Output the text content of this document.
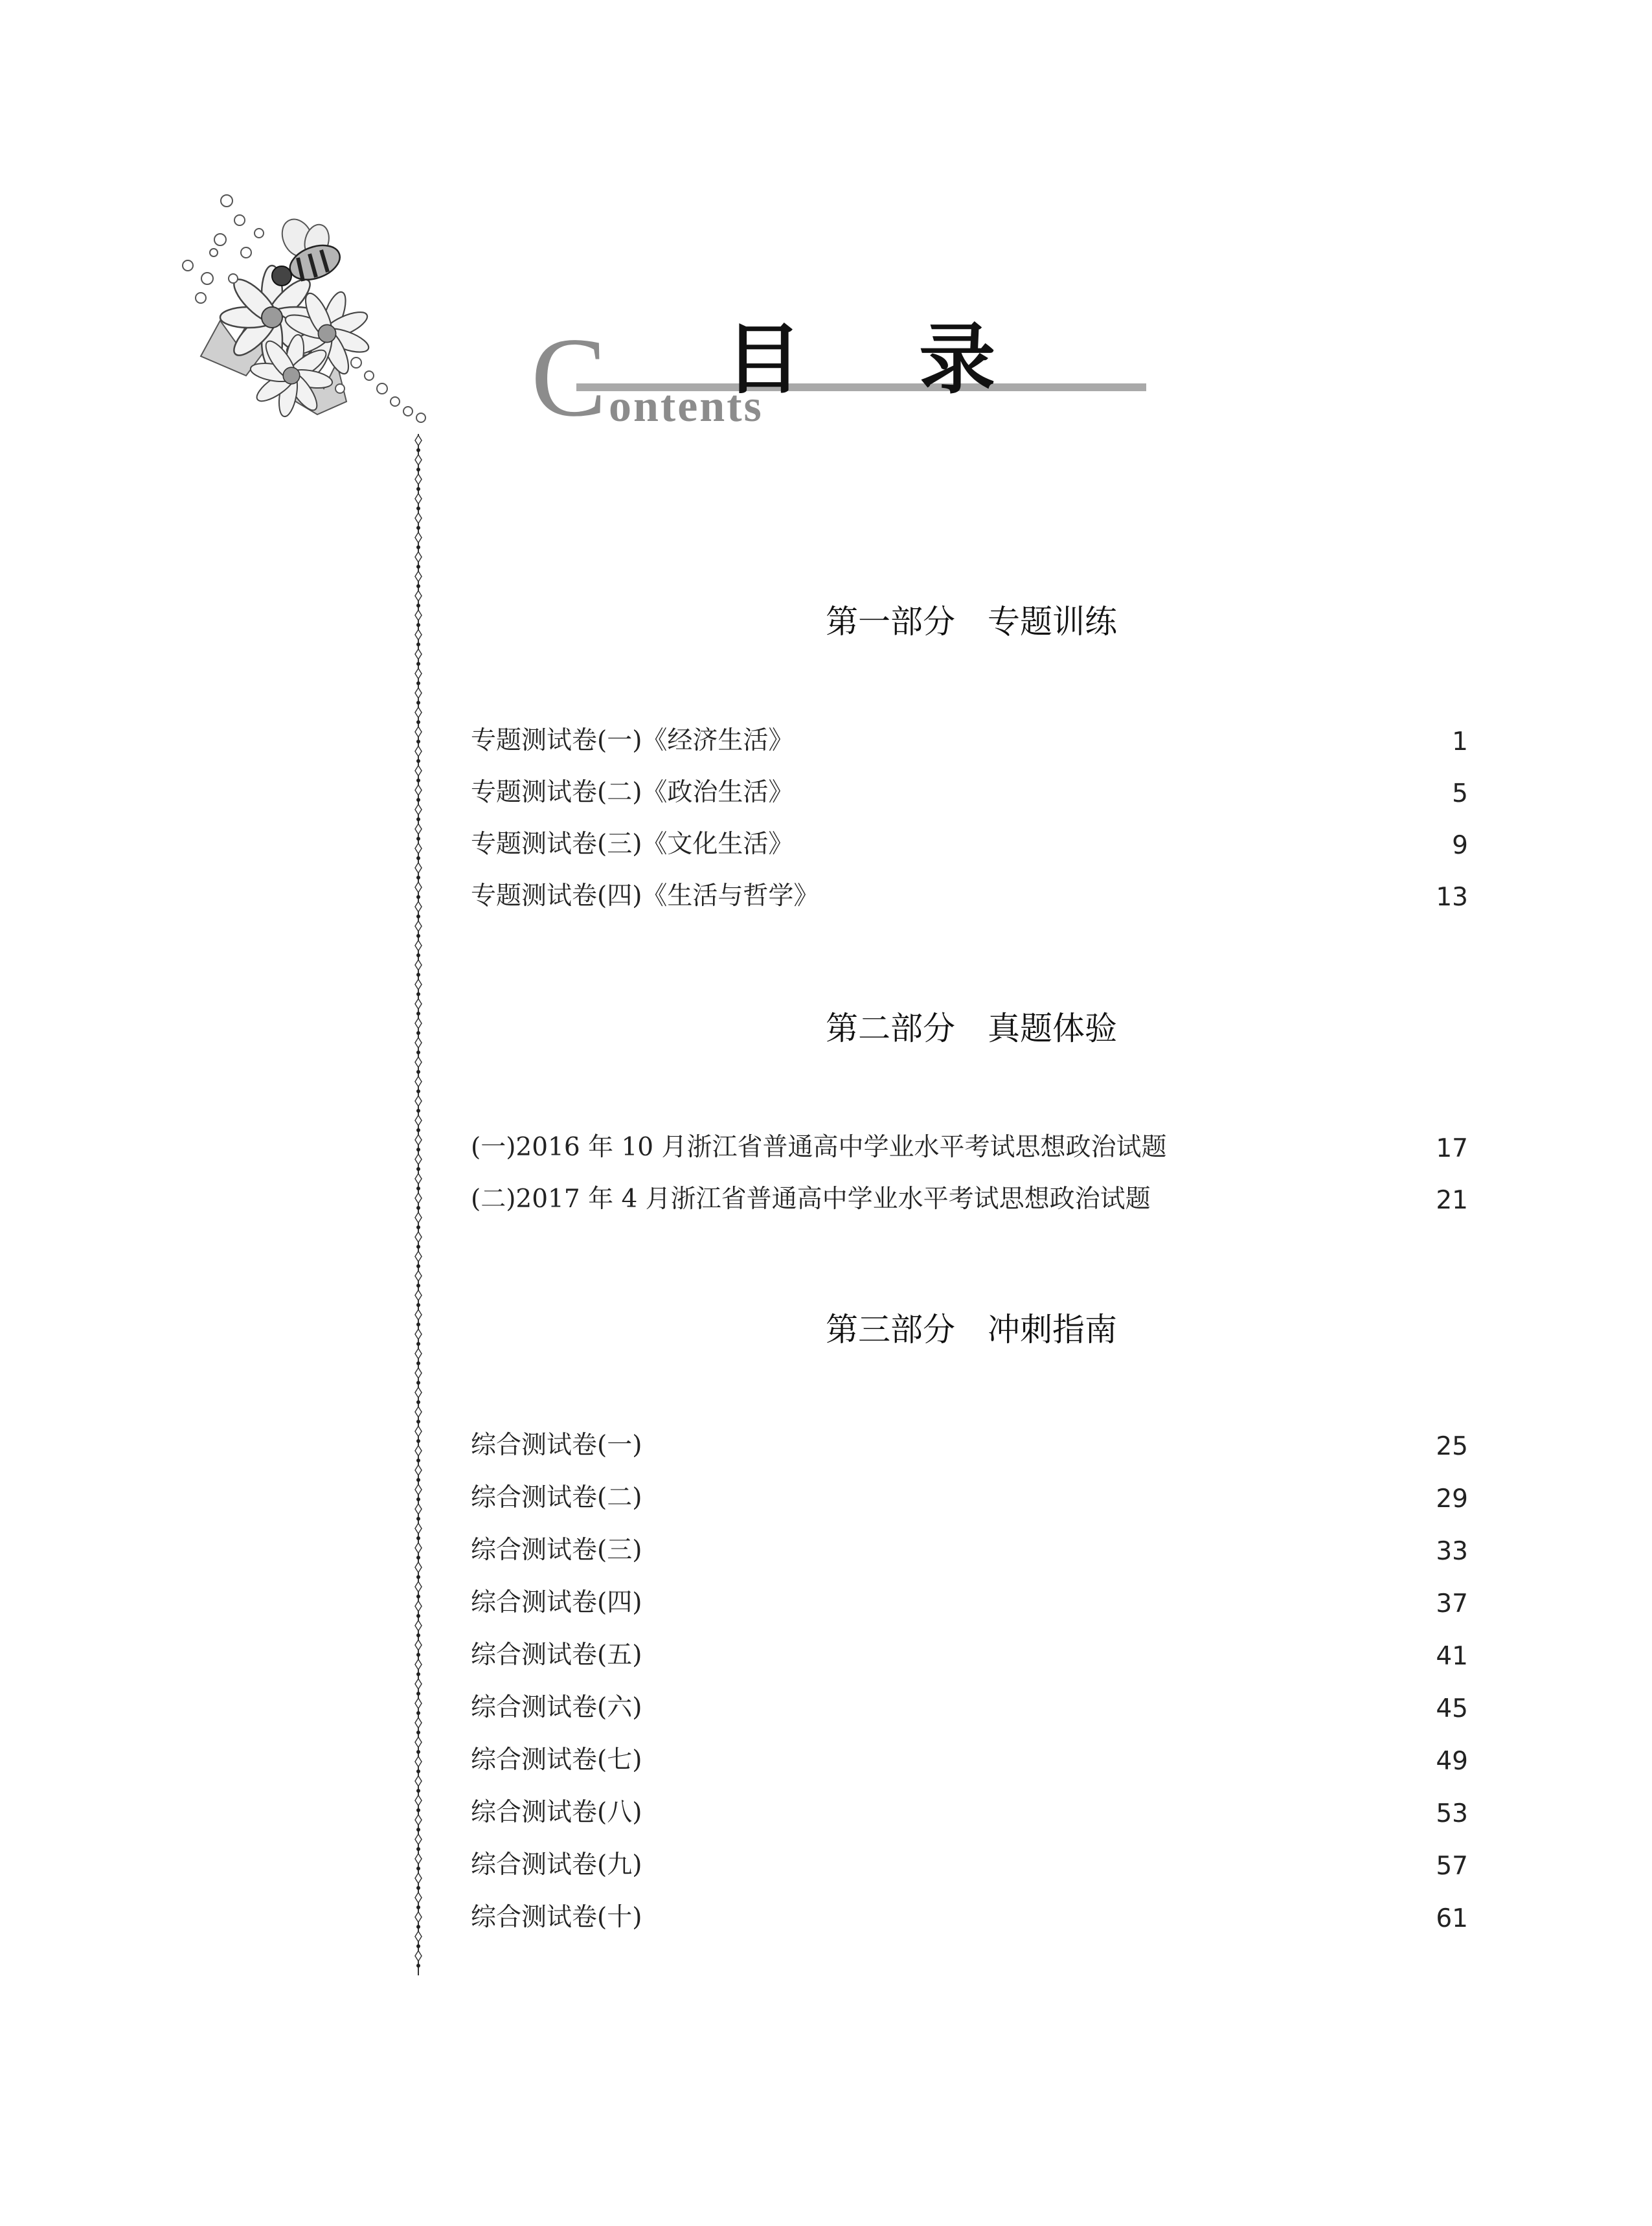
C ontents
目 录
第一部分　专题训练
专题测试卷(一)《经济生活》	1
专题测试卷(二)《政治生活》	5
专题测试卷(三)《文化生活》	9
专题测试卷(四)《生活与哲学》	13
第二部分　真题体验
(一)2016 年 10 月浙江省普通高中学业水平考试思想政治试题	17
(二)2017 年 4 月浙江省普通高中学业水平考试思想政治试题	21
第三部分　冲刺指南
综合测试卷(一)	25
综合测试卷(二)	29
综合测试卷(三)	33
综合测试卷(四)	37
综合测试卷(五)	41
综合测试卷(六)	45
综合测试卷(七)	49
综合测试卷(八)	53
综合测试卷(九)	57
综合测试卷(十)	61
